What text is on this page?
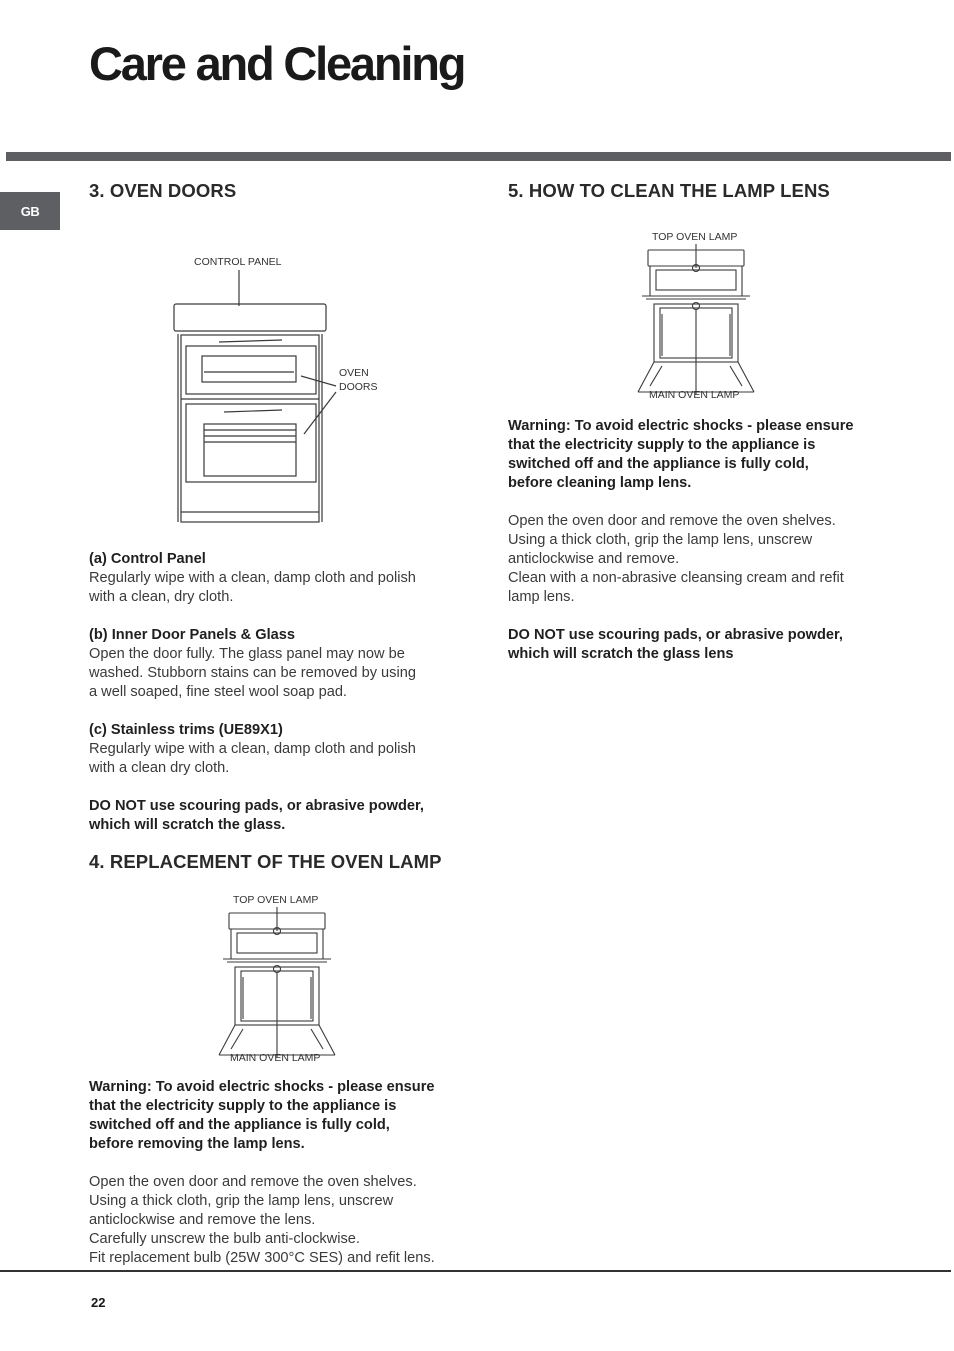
Care and Cleaning
GB
3. OVEN DOORS
CONTROL PANEL
OVEN
DOORS

(a) Control Panel

Regularly wipe with a clean, damp cloth and polish

with a clean, dry cloth.

(b) Inner Door Panels & Glass

Open the door fully. The glass panel may now be

washed. Stubborn stains can be removed by using

a well soaped, fine steel wool soap pad.

(c) Stainless trims (UE89X1)

Regularly wipe with a clean, damp cloth and polish

with a clean dry cloth.

DO NOT use scouring pads, or abrasive powder,

which will scratch the glass.

4. REPLACEMENT OF THE OVEN LAMP
TOP OVEN LAMP
MAIN OVEN LAMP

Warning: To avoid electric shocks - please ensure

that the electricity supply to the appliance is

switched off and the appliance is fully cold,

before removing the lamp lens.

Open the oven door and remove the oven shelves.

Using a thick cloth, grip the lamp lens, unscrew

anticlockwise and remove the lens.

Carefully unscrew the bulb anti-clockwise.

Fit replacement bulb (25W 300°C SES) and refit lens.

5. HOW TO CLEAN THE LAMP LENS
TOP OVEN LAMP
MAIN OVEN LAMP

Warning: To avoid electric shocks - please ensure

that the electricity supply to the appliance is

switched off and the appliance is fully cold,

before cleaning lamp lens.

Open the oven door and remove the oven shelves.

Using a thick cloth, grip the lamp lens, unscrew

anticlockwise and remove.

Clean with a non-abrasive cleansing cream and refit

lamp lens.

DO NOT use scouring pads, or abrasive powder,

which will scratch the glass lens

22
